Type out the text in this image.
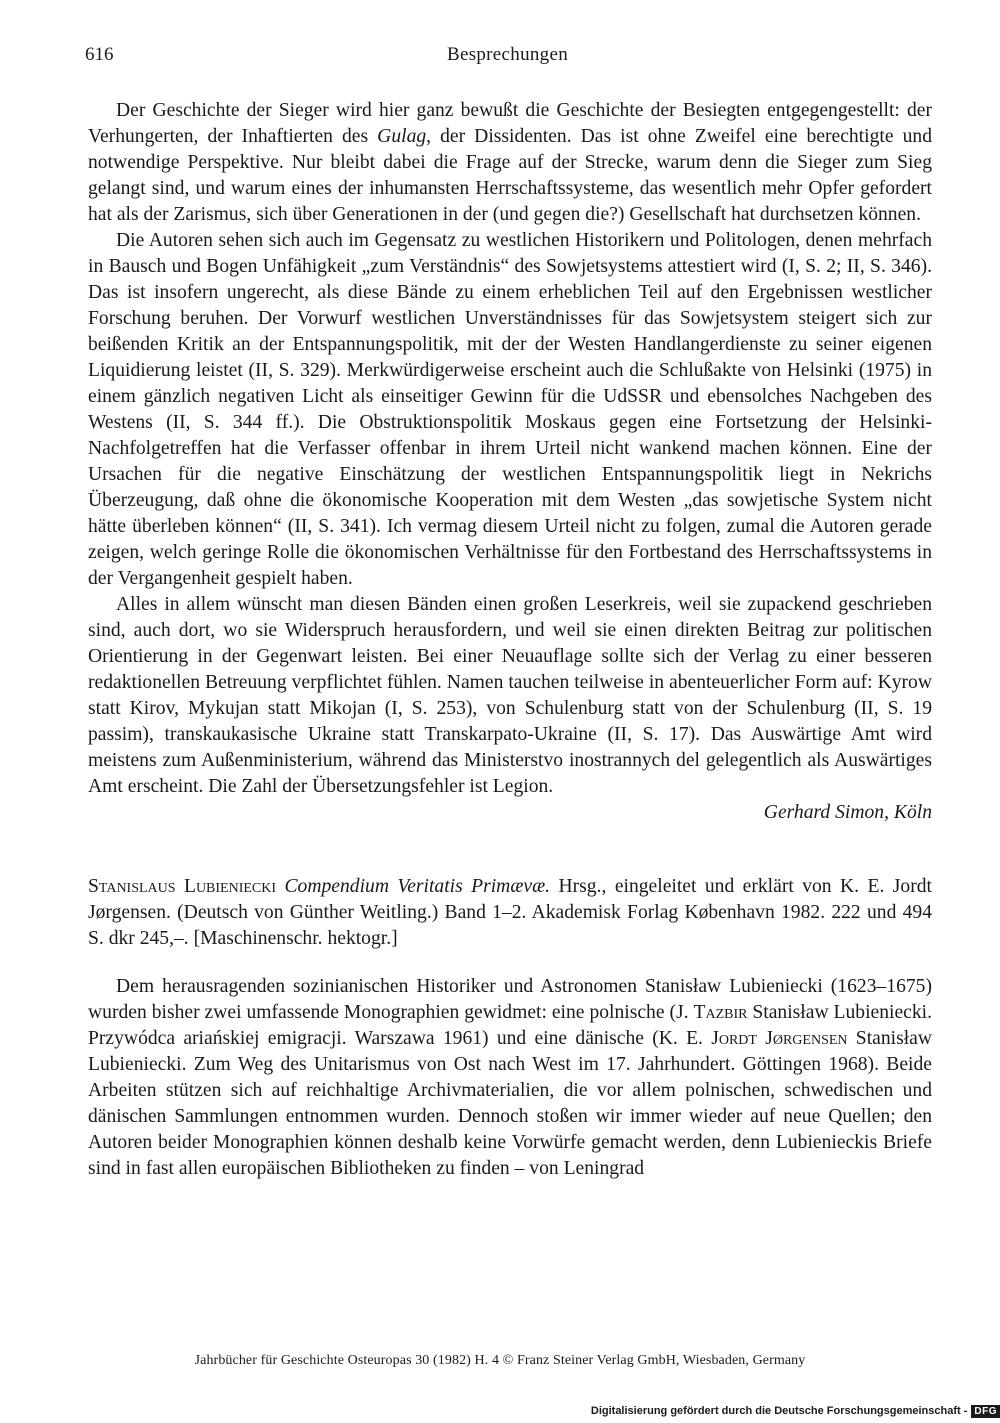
616	Besprechungen

Der Geschichte der Sieger wird hier ganz bewußt die Geschichte der Besiegten entgegengestellt: der Verhungerten, der Inhaftierten des Gulag, der Dissidenten. Das ist ohne Zweifel eine berechtigte und notwendige Perspektive. Nur bleibt dabei die Frage auf der Strecke, warum denn die Sieger zum Sieg gelangt sind, und warum eines der inhumansten Herrschaftssysteme, das wesentlich mehr Opfer gefordert hat als der Zarismus, sich über Generationen in der (und gegen die?) Gesellschaft hat durchsetzen können.

Die Autoren sehen sich auch im Gegensatz zu westlichen Historikern und Politologen, denen mehrfach in Bausch und Bogen Unfähigkeit „zum Verständnis“ des Sowjetsystems attestiert wird (I, S. 2; II, S. 346). Das ist insofern ungerecht, als diese Bände zu einem erheblichen Teil auf den Ergebnissen westlicher Forschung beruhen. Der Vorwurf westlichen Unverständnisses für das Sowjetsystem steigert sich zur beißenden Kritik an der Entspannungspolitik, mit der der Westen Handlangerdienste zu seiner eigenen Liquidierung leistet (II, S. 329). Merkwürdigerweise erscheint auch die Schlußakte von Helsinki (1975) in einem gänzlich negativen Licht als einseitiger Gewinn für die UdSSR und ebensolches Nachgeben des Westens (II, S. 344 ff.). Die Obstruktionspolitik Moskaus gegen eine Fortsetzung der Helsinki-Nachfolgetreffen hat die Verfasser offenbar in ihrem Urteil nicht wankend machen können. Eine der Ursachen für die negative Einschätzung der westlichen Entspannungspolitik liegt in Nekrichs Überzeugung, daß ohne die ökonomische Kooperation mit dem Westen „das sowjetische System nicht hätte überleben können“ (II, S. 341). Ich vermag diesem Urteil nicht zu folgen, zumal die Autoren gerade zeigen, welch geringe Rolle die ökonomischen Verhältnisse für den Fortbestand des Herrschaftssystems in der Vergangenheit gespielt haben.

Alles in allem wünscht man diesen Bänden einen großen Leserkreis, weil sie zupackend geschrieben sind, auch dort, wo sie Widerspruch herausfordern, und weil sie einen direkten Beitrag zur politischen Orientierung in der Gegenwart leisten. Bei einer Neuauflage sollte sich der Verlag zu einer besseren redaktionellen Betreuung verpflichtet fühlen. Namen tauchen teilweise in abenteuerlicher Form auf: Kyrow statt Kirov, Mykujan statt Mikojan (I, S. 253), von Schulenburg statt von der Schulenburg (II, S. 19 passim), transkaukasische Ukraine statt Transkarpato-Ukraine (II, S. 17). Das Auswärtige Amt wird meistens zum Außenministerium, während das Ministerstvo inostrannych del gelegentlich als Auswärtiges Amt erscheint. Die Zahl der Übersetzungsfehler ist Legion.

Gerhard Simon, Köln

Stanislaus Lubieniecki Compendium Veritatis Primævæ. Hrsg., eingeleitet und erklärt von K. E. Jordt Jørgensen. (Deutsch von Günther Weitling.) Band 1–2. Akademisk Forlag København 1982. 222 und 494 S. dkr 245,–. [Maschinenschr. hektogr.]

Dem herausragenden sozinianischen Historiker und Astronomen Stanisław Lubieniecki (1623–1675) wurden bisher zwei umfassende Monographien gewidmet: eine polnische (J. Tazbir Stanisław Lubieniecki. Przywódca ariańskiej emigracji. Warszawa 1961) und eine dänische (K. E. Jordt Jørgensen Stanisław Lubieniecki. Zum Weg des Unitarismus von Ost nach West im 17. Jahrhundert. Göttingen 1968). Beide Arbeiten stützen sich auf reichhaltige Archivmaterialien, die vor allem polnischen, schwedischen und dänischen Sammlungen entnommen wurden. Dennoch stoßen wir immer wieder auf neue Quellen; den Autoren beider Monographien können deshalb keine Vorwürfe gemacht werden, denn Lubienieckis Briefe sind in fast allen europäischen Bibliotheken zu finden – von Leningrad

Jahrbücher für Geschichte Osteuropas 30 (1982) H. 4 © Franz Steiner Verlag GmbH, Wiesbaden, Germany
Digitalisierung gefördert durch die Deutsche Forschungsgemeinschaft - DFG
